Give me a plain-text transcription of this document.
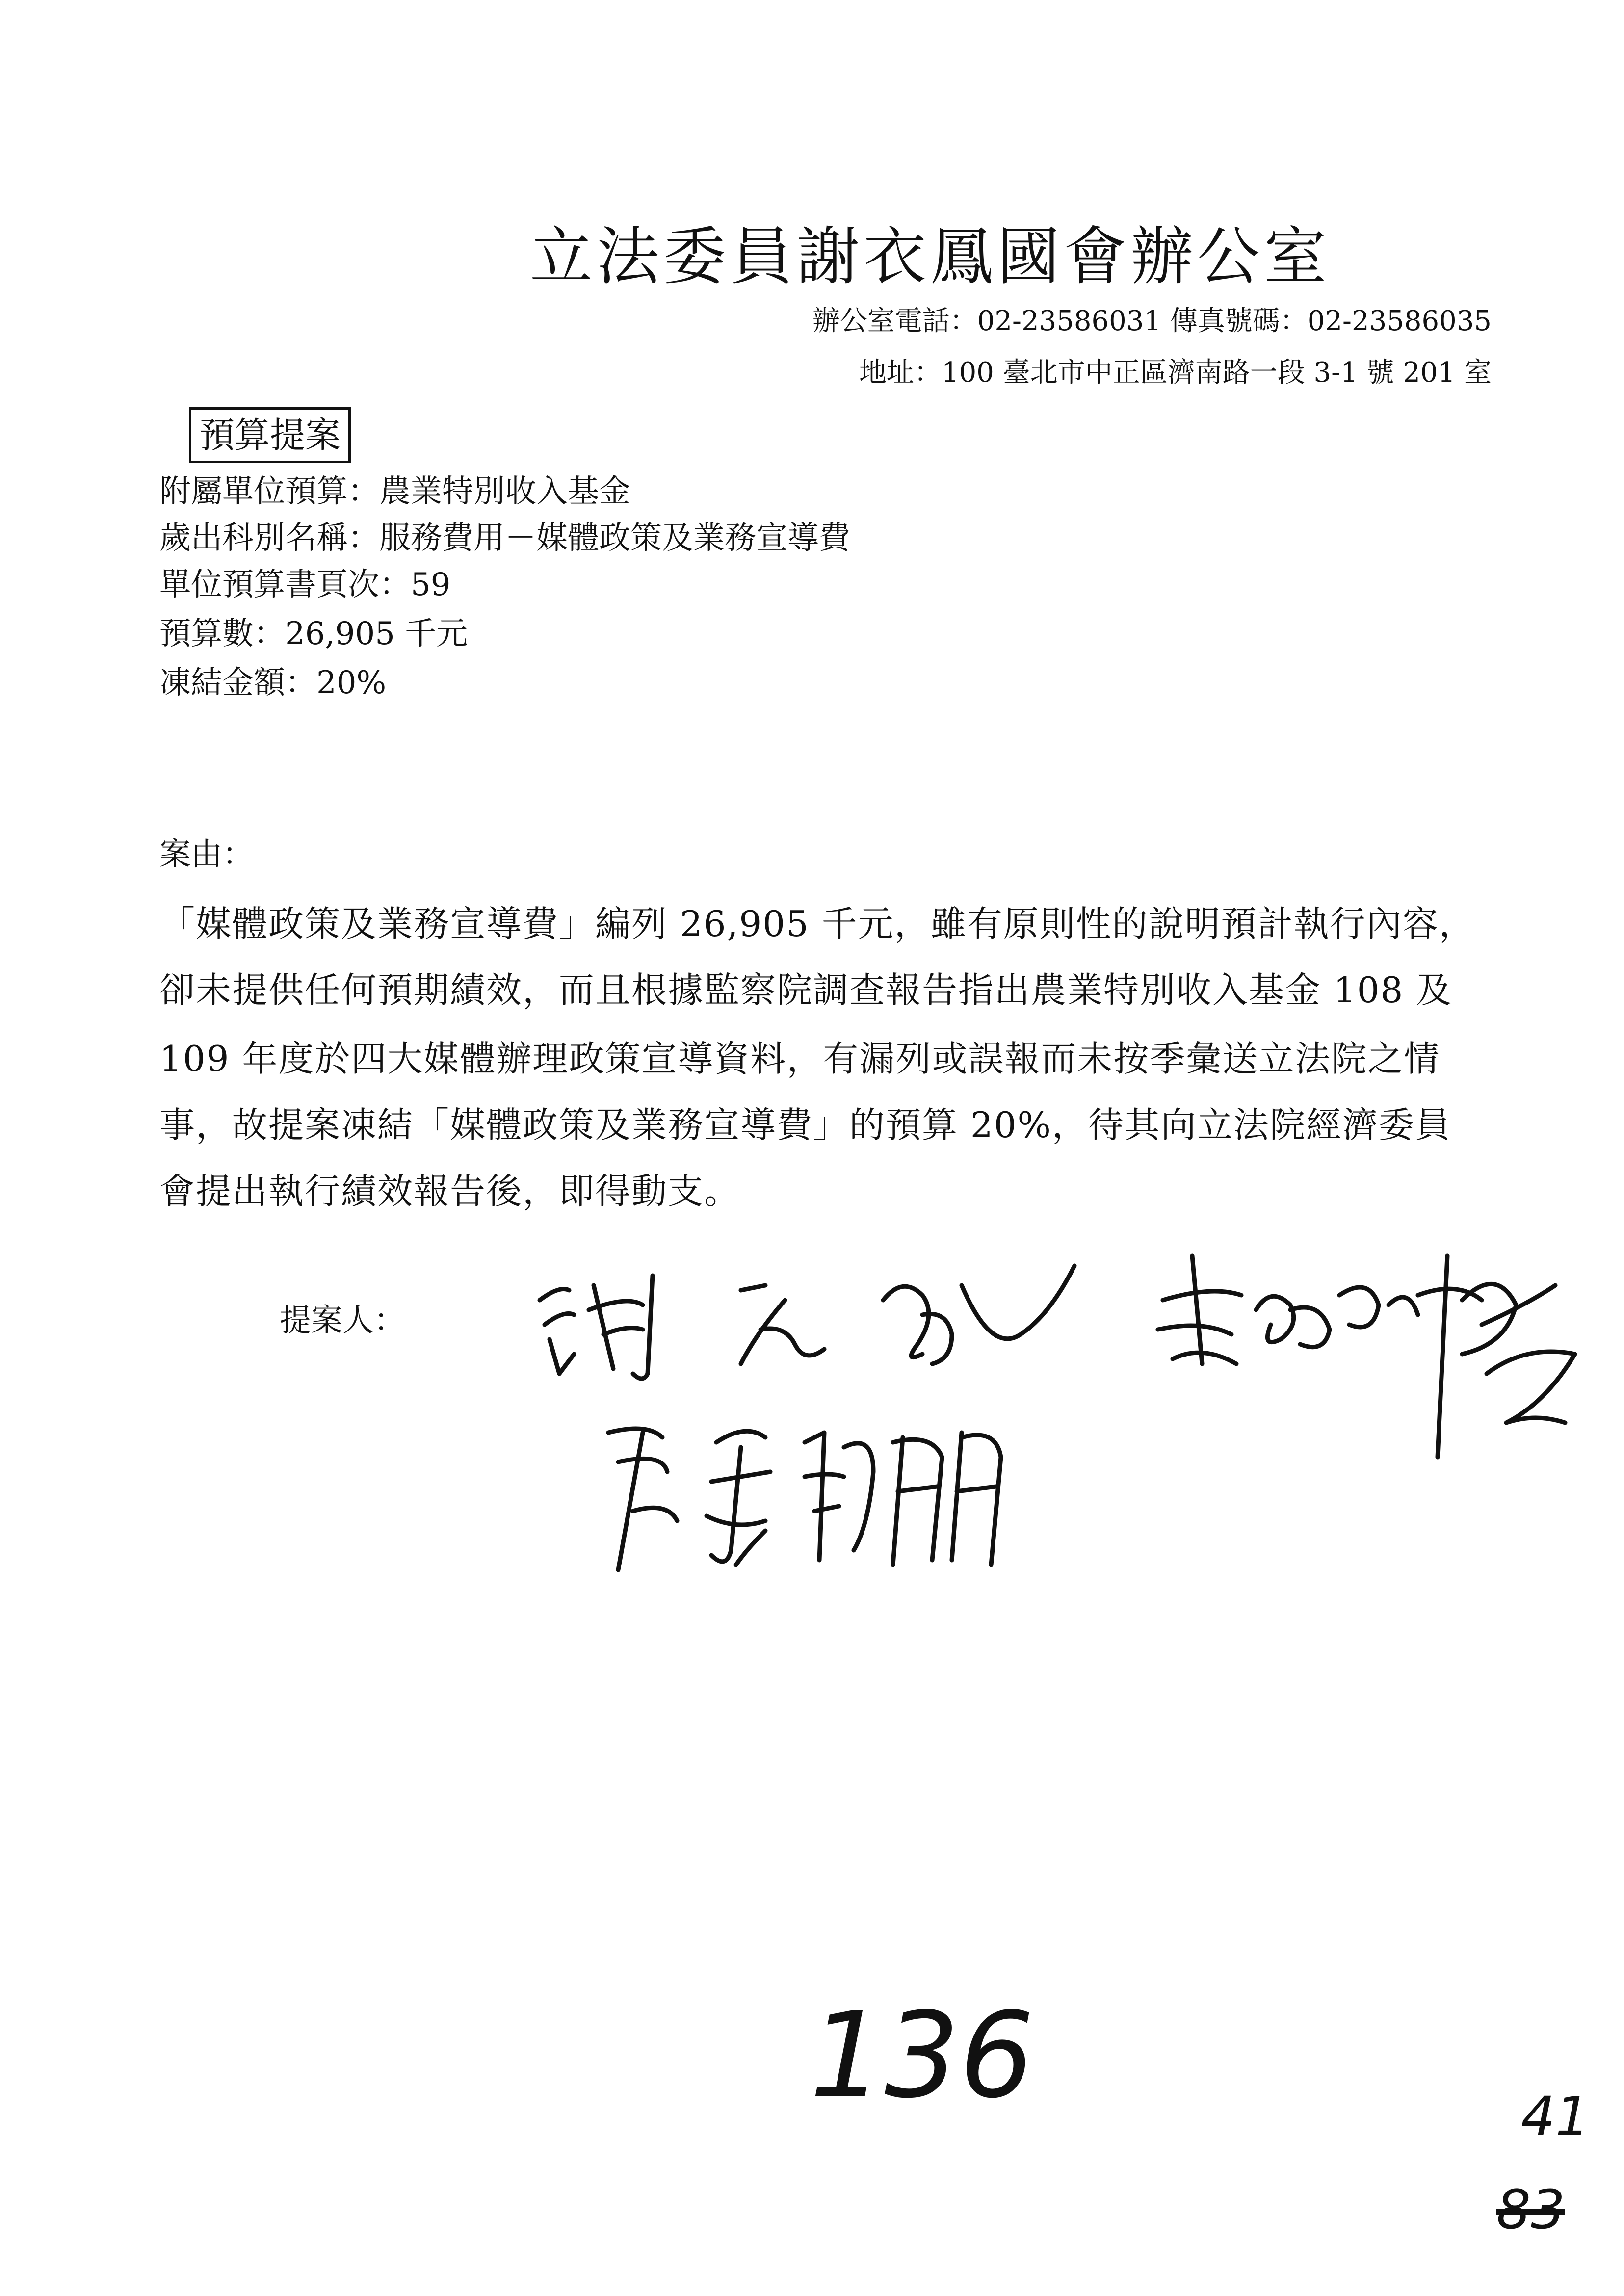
立法委員謝衣鳳國會辦公室
辦公室電話：02-23586031 傳真號碼：02-23586035
地址：100 臺北市中正區濟南路一段 3-1 號 201 室
預算提案
附屬單位預算：農業特別收入基金
歲出科別名稱：服務費用－媒體政策及業務宣導費
單位預算書頁次：59
預算數：26,905 千元
凍結金額：20%
案由：
「媒體政策及業務宣導費」編列 26,905 千元，雖有原則性的說明預計執行內容，
卻未提供任何預期績效，而且根據監察院調查報告指出農業特別收入基金 108 及
109 年度於四大媒體辦理政策宣導資料，有漏列或誤報而未按季彙送立法院之情
事，故提案凍結「媒體政策及業務宣導費」的預算 20%，待其向立法院經濟委員
會提出執行績效報告後，即得動支。
提案人：
136	41
83
